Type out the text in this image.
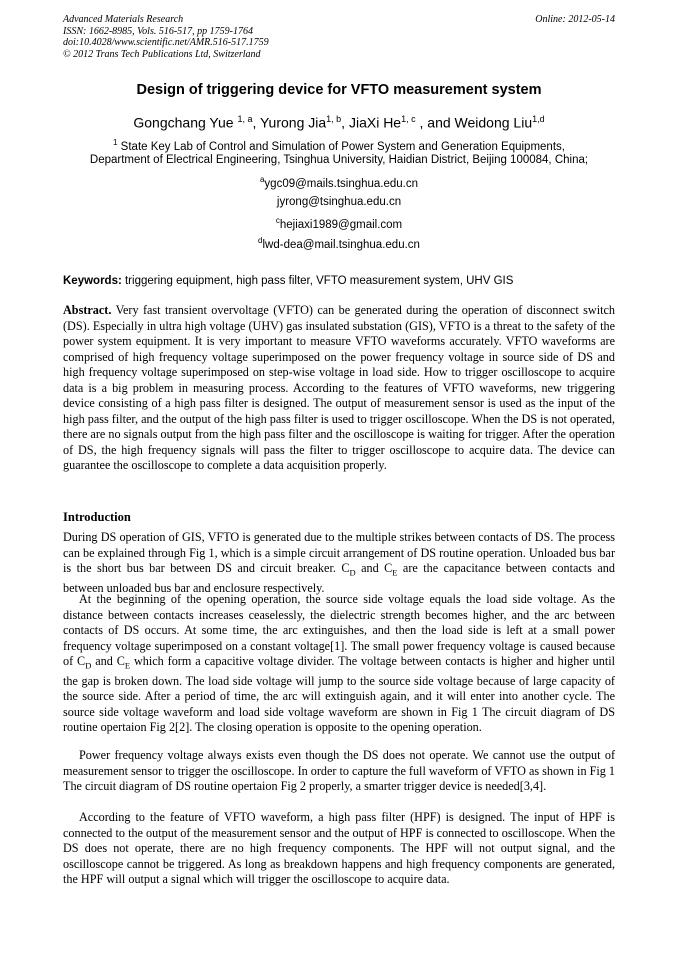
Advanced Materials Research
ISSN: 1662-8985, Vols. 516-517, pp 1759-1764
doi:10.4028/www.scientific.net/AMR.516-517.1759
© 2012 Trans Tech Publications Ltd, Switzerland
Online: 2012-05-14
Design of triggering device for VFTO measurement system
Gongchang Yue $^{1, a}$, Yurong Jia$^{1, b}$, JiaXi He$^{1, c}$ , and Weidong Liu$^{1,d}$
$^1$ State Key Lab of Control and Simulation of Power System and Generation Equipments,
Department of Electrical Engineering, Tsinghua University, Haidian District, Beijing 100084, China;
$^a$ygc09@mails.tsinghua.edu.cn
jyrong@tsinghua.edu.cn
$^c$hejiaxi1989@gmail.com
$^d$lwd-dea@mail.tsinghua.edu.cn
Keywords: triggering equipment, high pass filter, VFTO measurement system, UHV GIS

Abstract. Very fast transient overvoltage (VFTO) can be generated during the operation of disconnect switch (DS). Especially in ultra high voltage (UHV) gas insulated substation (GIS), VFTO is a threat to the safety of the power system equipment. It is very important to measure VFTO waveforms accurately. VFTO waveforms are comprised of high frequency voltage superimposed on the power frequency voltage in source side of DS and high frequency voltage superimposed on step-wise voltage in load side. How to trigger oscilloscope to acquire data is a big problem in measuring process. According to the features of VFTO waveforms, new triggering device consisting of a high pass filter is designed. The output of measurement sensor is used as the input of the high pass filter, and the output of the high pass filter is used to trigger oscilloscope. When the DS is not operated, there are no signals output from the high pass filter and the oscilloscope is waiting for trigger. After the operation of DS, the high frequency signals will pass the filter to trigger oscilloscope to acquire data. The device can guarantee the oscilloscope to complete a data acquisition properly.

Introduction

During DS operation of GIS, VFTO is generated due to the multiple strikes between contacts of DS. The process can be explained through Fig 1, which is a simple circuit arrangement of DS routine operation. Unloaded bus bar is the short bus bar between DS and circuit breaker. $C_D$ and $C_E$ are the capacitance between contacts and between unloaded bus bar and enclosure respectively.

At the beginning of the opening operation, the source side voltage equals the load side voltage. As the distance between contacts increases ceaselessly, the dielectric strength becomes higher, and the arc between contacts of DS occurs. At some time, the arc extinguishes, and then the load side is left at a small power frequency voltage superimposed on a constant voltage[1]. The small power frequency voltage is caused because of $C_D$ and $C_E$ which form a capacitive voltage divider. The voltage between contacts is higher and higher until the gap is broken down. The load side voltage will jump to the source side voltage because of large capacity of the source side. After a period of time, the arc will extinguish again, and it will enter into another cycle. The source side voltage waveform and load side voltage waveform are shown in Fig 1 The circuit diagram of DS routine opertaion Fig 2[2]. The closing operation is opposite to the opening operation.

Power frequency voltage always exists even though the DS does not operate. We cannot use the output of measurement sensor to trigger the oscilloscope. In order to capture the full waveform of VFTO as shown in Fig 1 The circuit diagram of DS routine opertaion Fig 2 properly, a smarter trigger device is needed[3,4].

According to the feature of VFTO waveform, a high pass filter (HPF) is designed. The input of HPF is connected to the output of the measurement sensor and the output of HPF is connected to oscilloscope. When the DS does not operate, there are no high frequency components. The HPF will not output signal, and the oscilloscope cannot be triggered. As long as breakdown happens and high frequency components are generated, the HPF will output a signal which will trigger the oscilloscope to acquire data.
